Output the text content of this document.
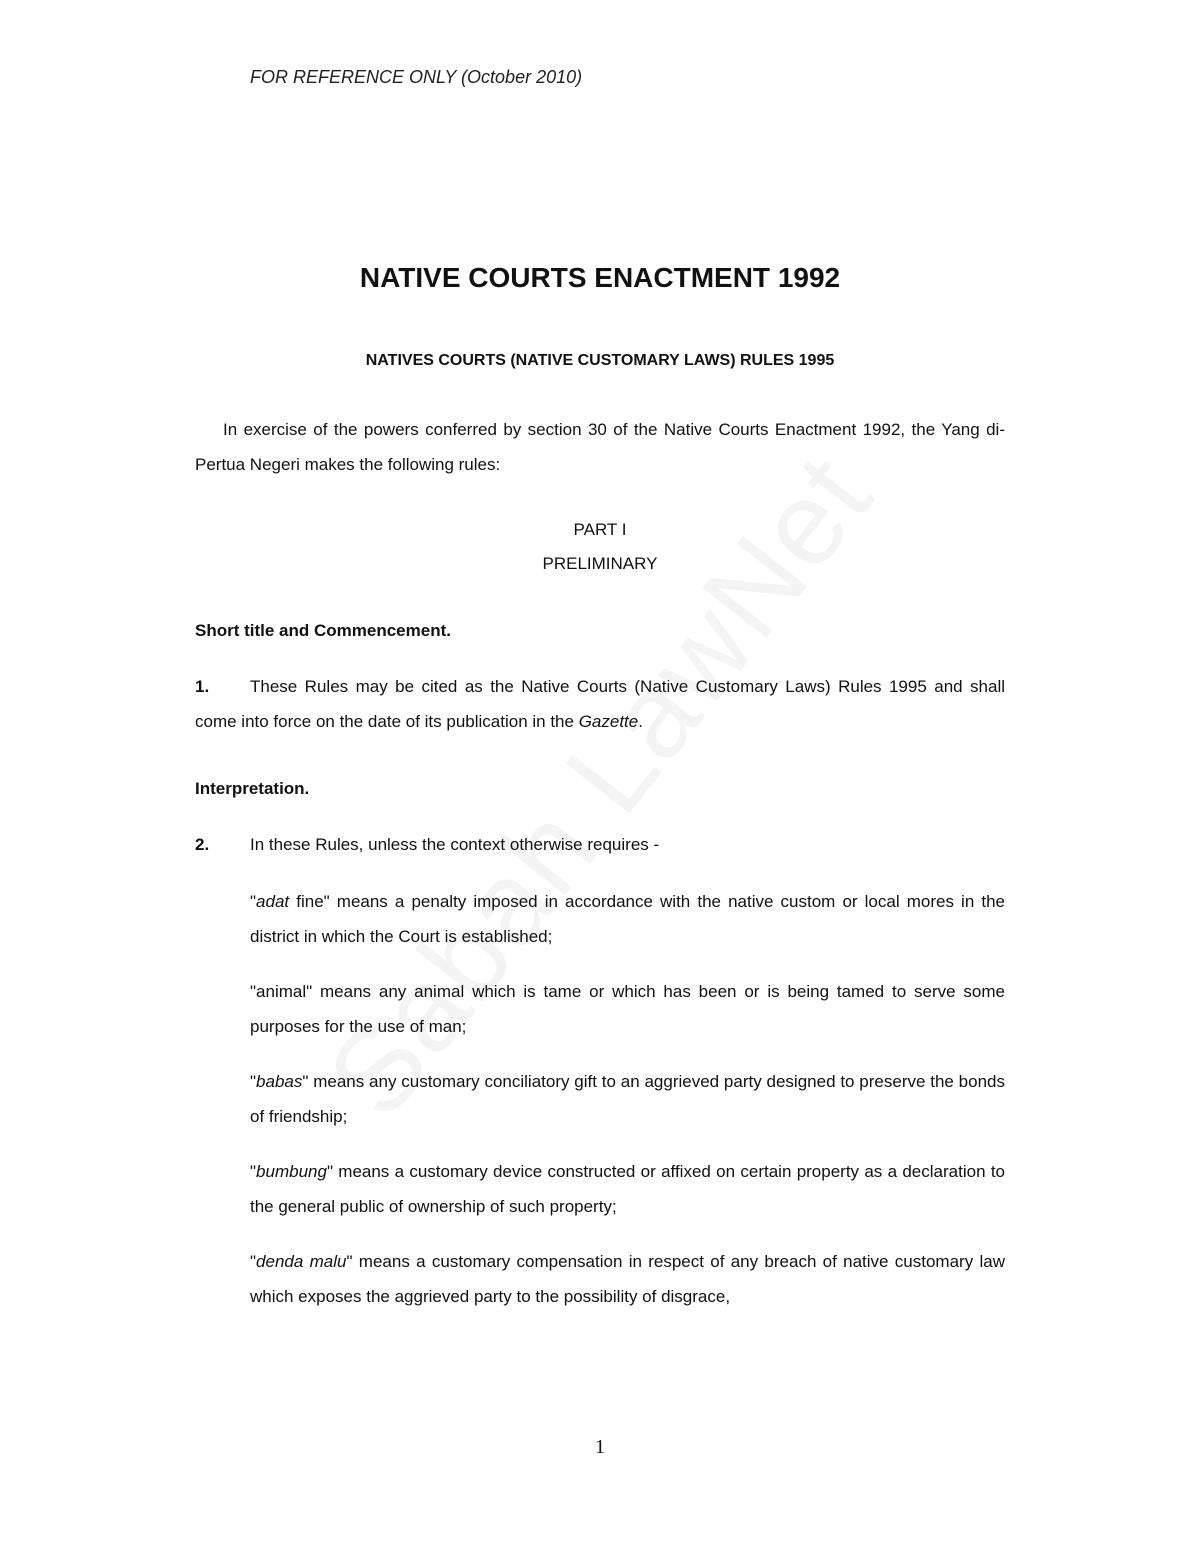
FOR REFERENCE ONLY (October 2010)
NATIVE COURTS ENACTMENT 1992
NATIVES COURTS (NATIVE CUSTOMARY LAWS) RULES 1995
In exercise of the powers conferred by section 30 of the Native Courts Enactment 1992, the Yang di-Pertua Negeri makes the following rules:
PART I
PRELIMINARY
Short title and Commencement.
These Rules may be cited as the Native Courts (Native Customary Laws) Rules 1995 and shall come into force on the date of its publication in the Gazette.
1.
Interpretation.
2. In these Rules, unless the context otherwise requires -
"adat fine" means a penalty imposed in accordance with the native custom or local mores in the district in which the Court is established;
"animal" means any animal which is tame or which has been or is being tamed to serve some purposes for the use of man;
"babas" means any customary conciliatory gift to an aggrieved party designed to preserve the bonds of friendship;
"bumbung" means a customary device constructed or affixed on certain property as a declaration to the general public of ownership of such property;
"denda malu" means a customary compensation in respect of any breach of native customary law which exposes the aggrieved party to the possibility of disgrace,
1
